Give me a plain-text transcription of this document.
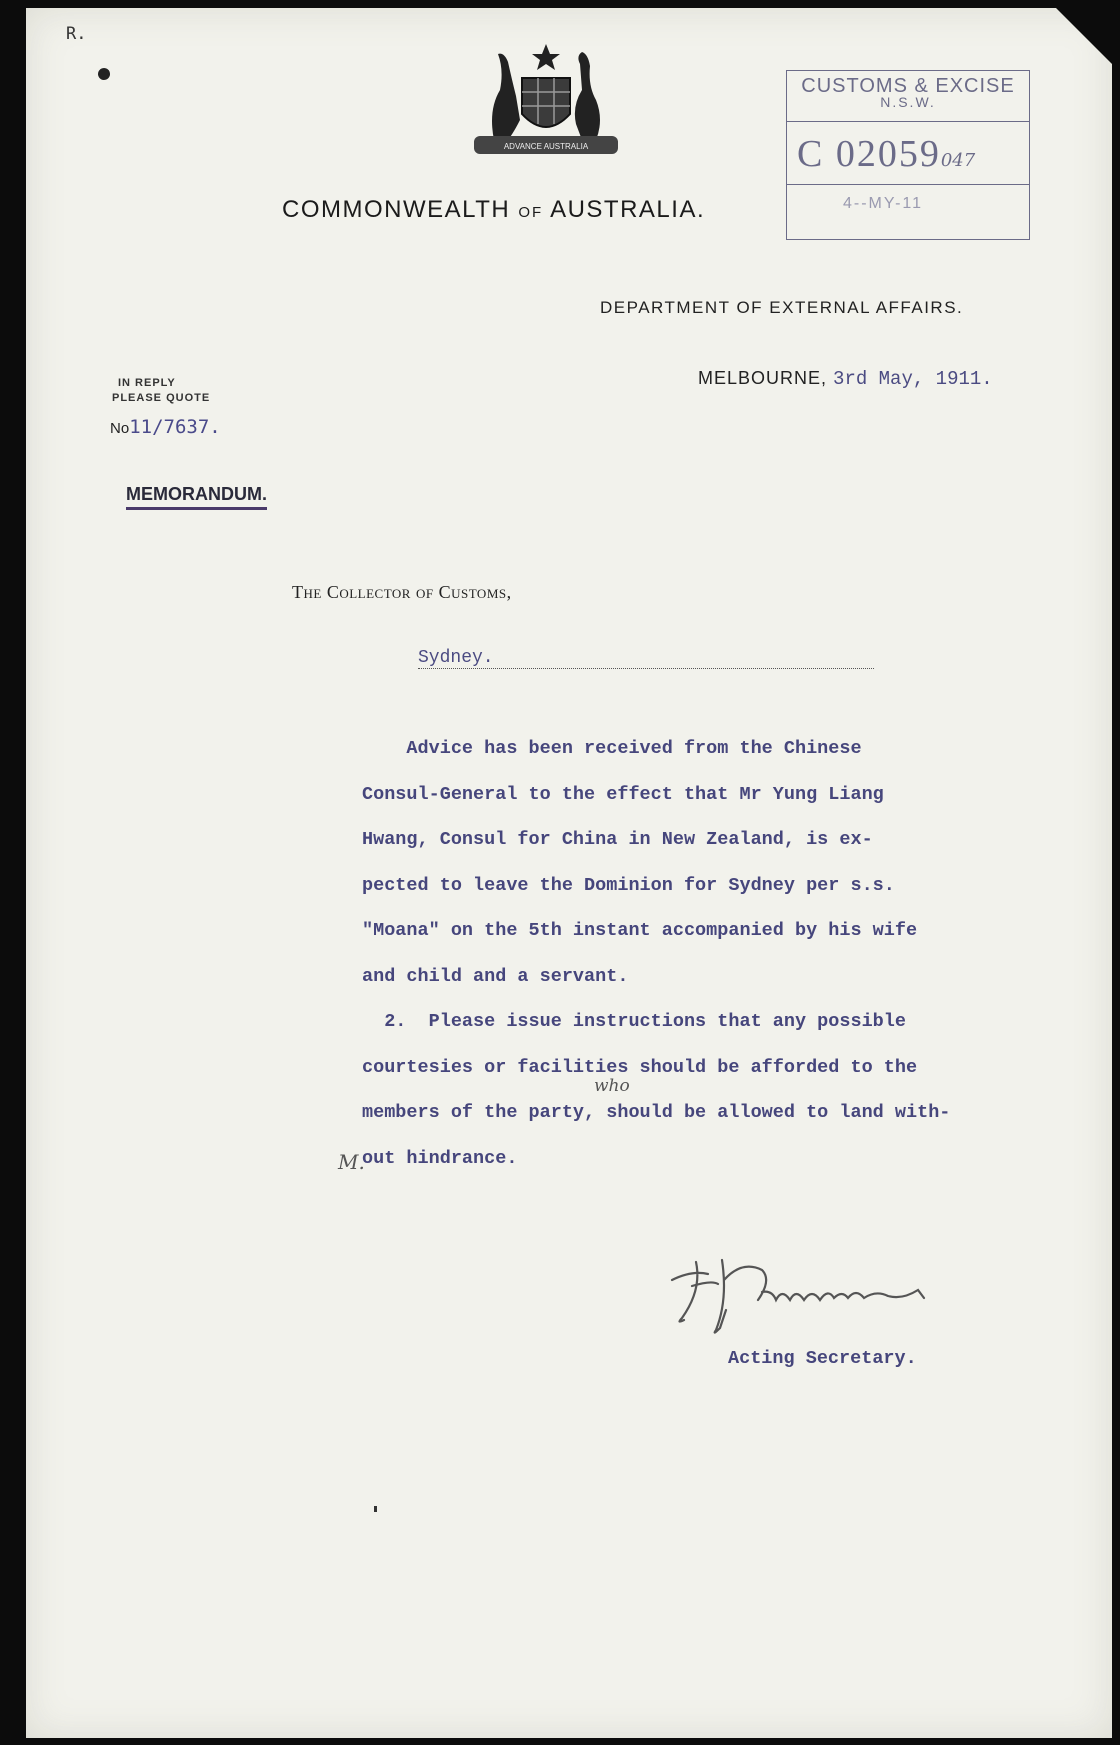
R.
ADVANCE AUSTRALIA
COMMONWEALTH OF AUSTRALIA.
CUSTOMS & EXCISE
N.S.W.
C 02059047
4--MY-11
DEPARTMENT OF EXTERNAL AFFAIRS.
IN REPLY
PLEASE QUOTE
No11/7637.
MELBOURNE, 3rd May, 1911.
MEMORANDUM.
The Collector of Customs,
Sydney.

Advice has been received from the Chinese

Consul-General to the effect that Mr Yung Liang

Hwang, Consul for China in New Zealand, is ex-

pected to leave the Dominion for Sydney per s.s.

"Moana" on the 5th instant accompanied by his wife

and child and a servant.

2.  Please issue instructions that any possible

courtesies or facilities should be afforded to the

members of the party, should be allowed to land with-

out hindrance.

who
M.
Acting Secretary.
